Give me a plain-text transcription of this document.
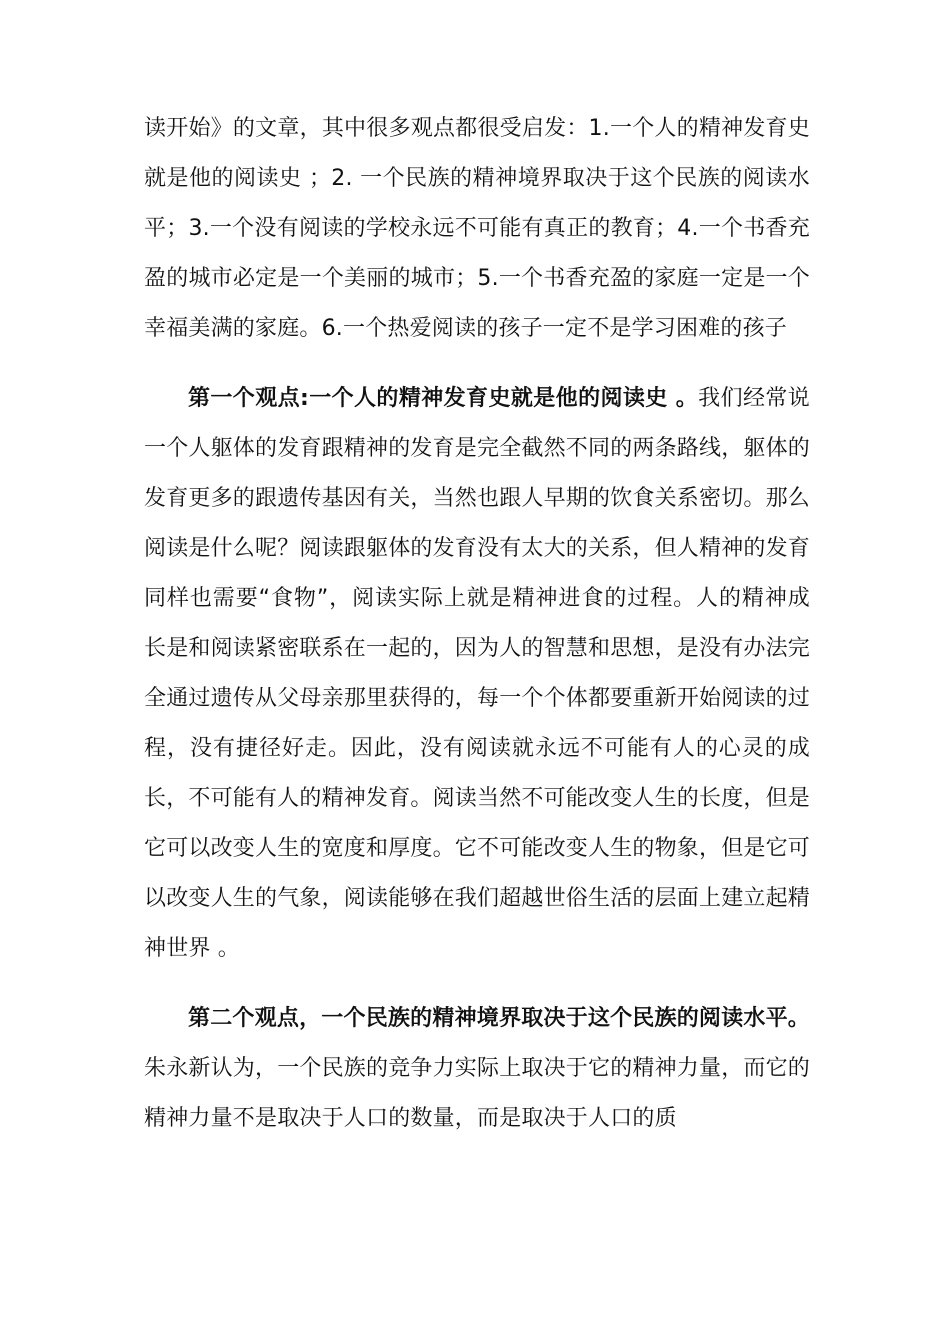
读开始》的文章，其中很多观点都很受启发：1.一个人的精神发育史就是他的阅读史 ；2. 一个民族的精神境界取决于这个民族的阅读水平；3.一个没有阅读的学校永远不可能有真正的教育；4.一个书香充盈的城市必定是一个美丽的城市；5.一个书香充盈的家庭一定是一个幸福美满的家庭。6.一个热爱阅读的孩子一定不是学习困难的孩子

第一个观点:一个人的精神发育史就是他的阅读史 。我们经常说一个人躯体的发育跟精神的发育是完全截然不同的两条路线，躯体的发育更多的跟遗传基因有关，当然也跟人早期的饮食关系密切。那么阅读是什么呢？阅读跟躯体的发育没有太大的关系，但人精神的发育同样也需要“食物”，阅读实际上就是精神进食的过程。人的精神成长是和阅读紧密联系在一起的，因为人的智慧和思想，是没有办法完全通过遗传从父母亲那里获得的，每一个个体都要重新开始阅读的过程，没有捷径好走。因此，没有阅读就永远不可能有人的心灵的成长，不可能有人的精神发育。阅读当然不可能改变人生的长度，但是它可以改变人生的宽度和厚度。它不可能改变人生的物象，但是它可以改变人生的气象，阅读能够在我们超越世俗生活的层面上建立起精神世界 。

第二个观点，一个民族的精神境界取决于这个民族的阅读水平。朱永新认为，一个民族的竞争力实际上取决于它的精神力量，而它的精神力量不是取决于人口的数量，而是取决于人口的质
